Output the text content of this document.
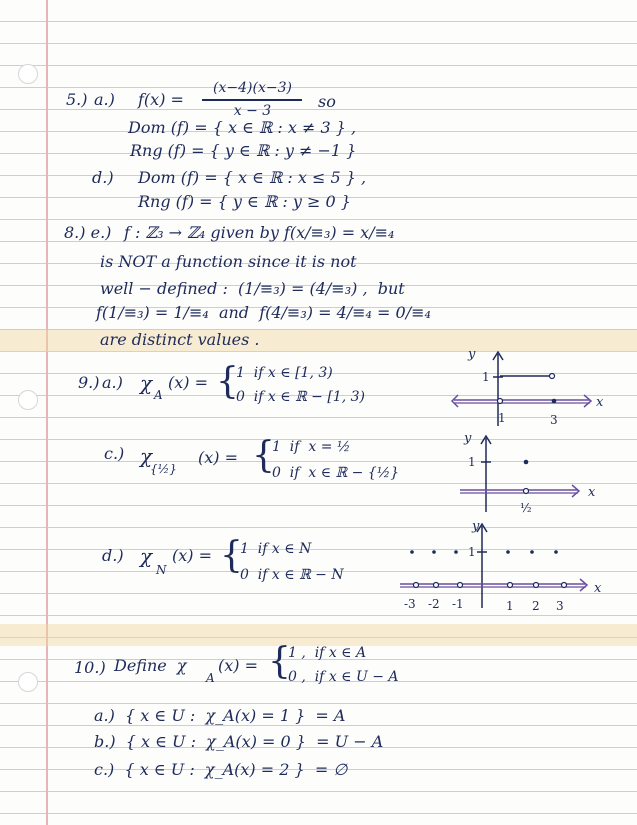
5.) a.) f(x) =
(x−4)(x−3)
x − 3	so
Dom (f) = { x ∈ ℝ : x ≠ 3 } ,
Rng (f) = { y ∈ ℝ : y ≠ −1 }
d.) Dom (f) = { x ∈ ℝ : x ≤ 5 } ,
Rng (f) = { y ∈ ℝ : y ≥ 0 }
8.) e.) f : ℤ₃ → ℤ₄ given by f(x/≡₃) = x/≡₄
is NOT a function since it is not
well − defined :  (1/≡₃) = (4/≡₃) ,  but
f(1/≡₃) = 1/≡₄  and  f(4/≡₃) = 4/≡₄ = 0/≡₄
are distinct values .
9.) a.) χ A
(x) = {
1  if x ∈ [1, 3)
0  if x ∈ ℝ − [1, 3)
c.) χ
{½}
(x) = {
1  if  x = ½
0  if  x ∈ ℝ − {½}
d.) χ
N
(x) = {
1  if x ∈ N
0  if x ∈ ℝ − N
y
x
1
1	3
y
x
1
½
y
x
1
-3 -2 -1	1 2 3
10.) Define  χ
A
(x) = {
1 ,  if x ∈ A
0 ,  if x ∈ U − A
a.)  { x ∈ U :  χ_A(x) = 1 }  = A
b.)  { x ∈ U :  χ_A(x) = 0 }  = U − A
c.)  { x ∈ U :  χ_A(x) = 2 }  = ∅
